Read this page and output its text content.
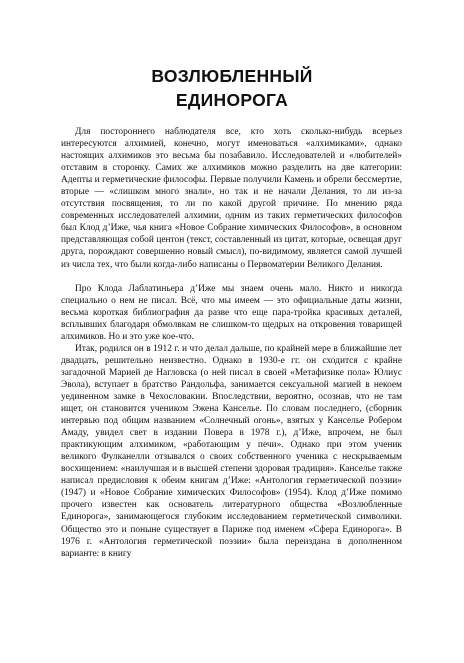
ВОЗЛЮБЛЕННЫЙ
ЕДИНОРОГА

Для постороннего наблюдателя все, кто хоть сколько-нибудь всерьез интересуются алхимией, конечно, могут именоваться «алхимиками», однако настоящих алхимиков это весьма бы позабавило. Исследователей и «любителей» отставим в сторонку. Самих же алхимиков можно разделить на две категории: Адепты и герметические философы. Первые получили Камень и обрели бессмертие, вторые — «слишком много знали», но так и не начали Делания, то ли из-за отсутствия посвящения, то ли по какой другой причине. По мнению ряда современных исследователей алхимии, одним из таких герметических философов был Клод д’Иже, чья книга «Новое Собрание химических Философов», в основном представляющая собой центон (текст, составленный из цитат, которые, освещая друг друга, порождают совершенно новый смысл), по-видимому, является самой лучшей из числа тех, что были когда-либо написаны о Первоматерии Великого Делания.

Про Клода Лаблатиньера д’Иже мы знаем очень мало. Никто и никогда специально о нем не писал. Всё, что мы имеем — это официальные даты жизни, весьма короткая библиография да разве что еще пара-тройка красивых деталей, всплывших благодаря обмолвкам не слишком-то щедрых на откровения товарищей алхимиков. Но и это уже кое-что.

Итак, родился он в 1912 г. и что делал дальше, по крайней мере в ближайшие лет двадцать, решительно неизвестно. Однако в 1930-е гг. он сходится с крайне загадочной Марией де Нагловска (о ней писал в своей «Метафизике пола» Юлиус Эвола), вступает в братство Рандольфа, занимается сексуальной магией в некоем уединенном замке в Чехословакии. Впоследствии, вероятно, осознав, что не там ищет, он становится учеником Эжена Канселье. По словам последнего, (сборник интервью под общим названием «Солнечный огонь», взятых у Канселье Робером Амаду, увидел свет в издании Повера в 1978 г.), д’Иже, впрочем, не был практикующим алхимиком, «работающим у печи». Однако при этом ученик великого Фулканелли отзывался о своих собственного ученика с нескрываемым восхищением: «наилучшая и в высшей степени здоровая традиция». Канселье также написал предисловия к обеим книгам д’Иже: «Антология герметической поэзии» (1947) и «Новое Собрание химических Философов» (1954). Клод д’Иже помимо прочего известен как основатель литературного общества «Возлюбленные Единорога», занимающегося глубоким исследованием герметической символики. Общество это и поныне существует в Париже под именем «Сфера Единорога». В 1976 г. «Антология герметической поэзии» была переиздана в дополненном варианте: в книгу
